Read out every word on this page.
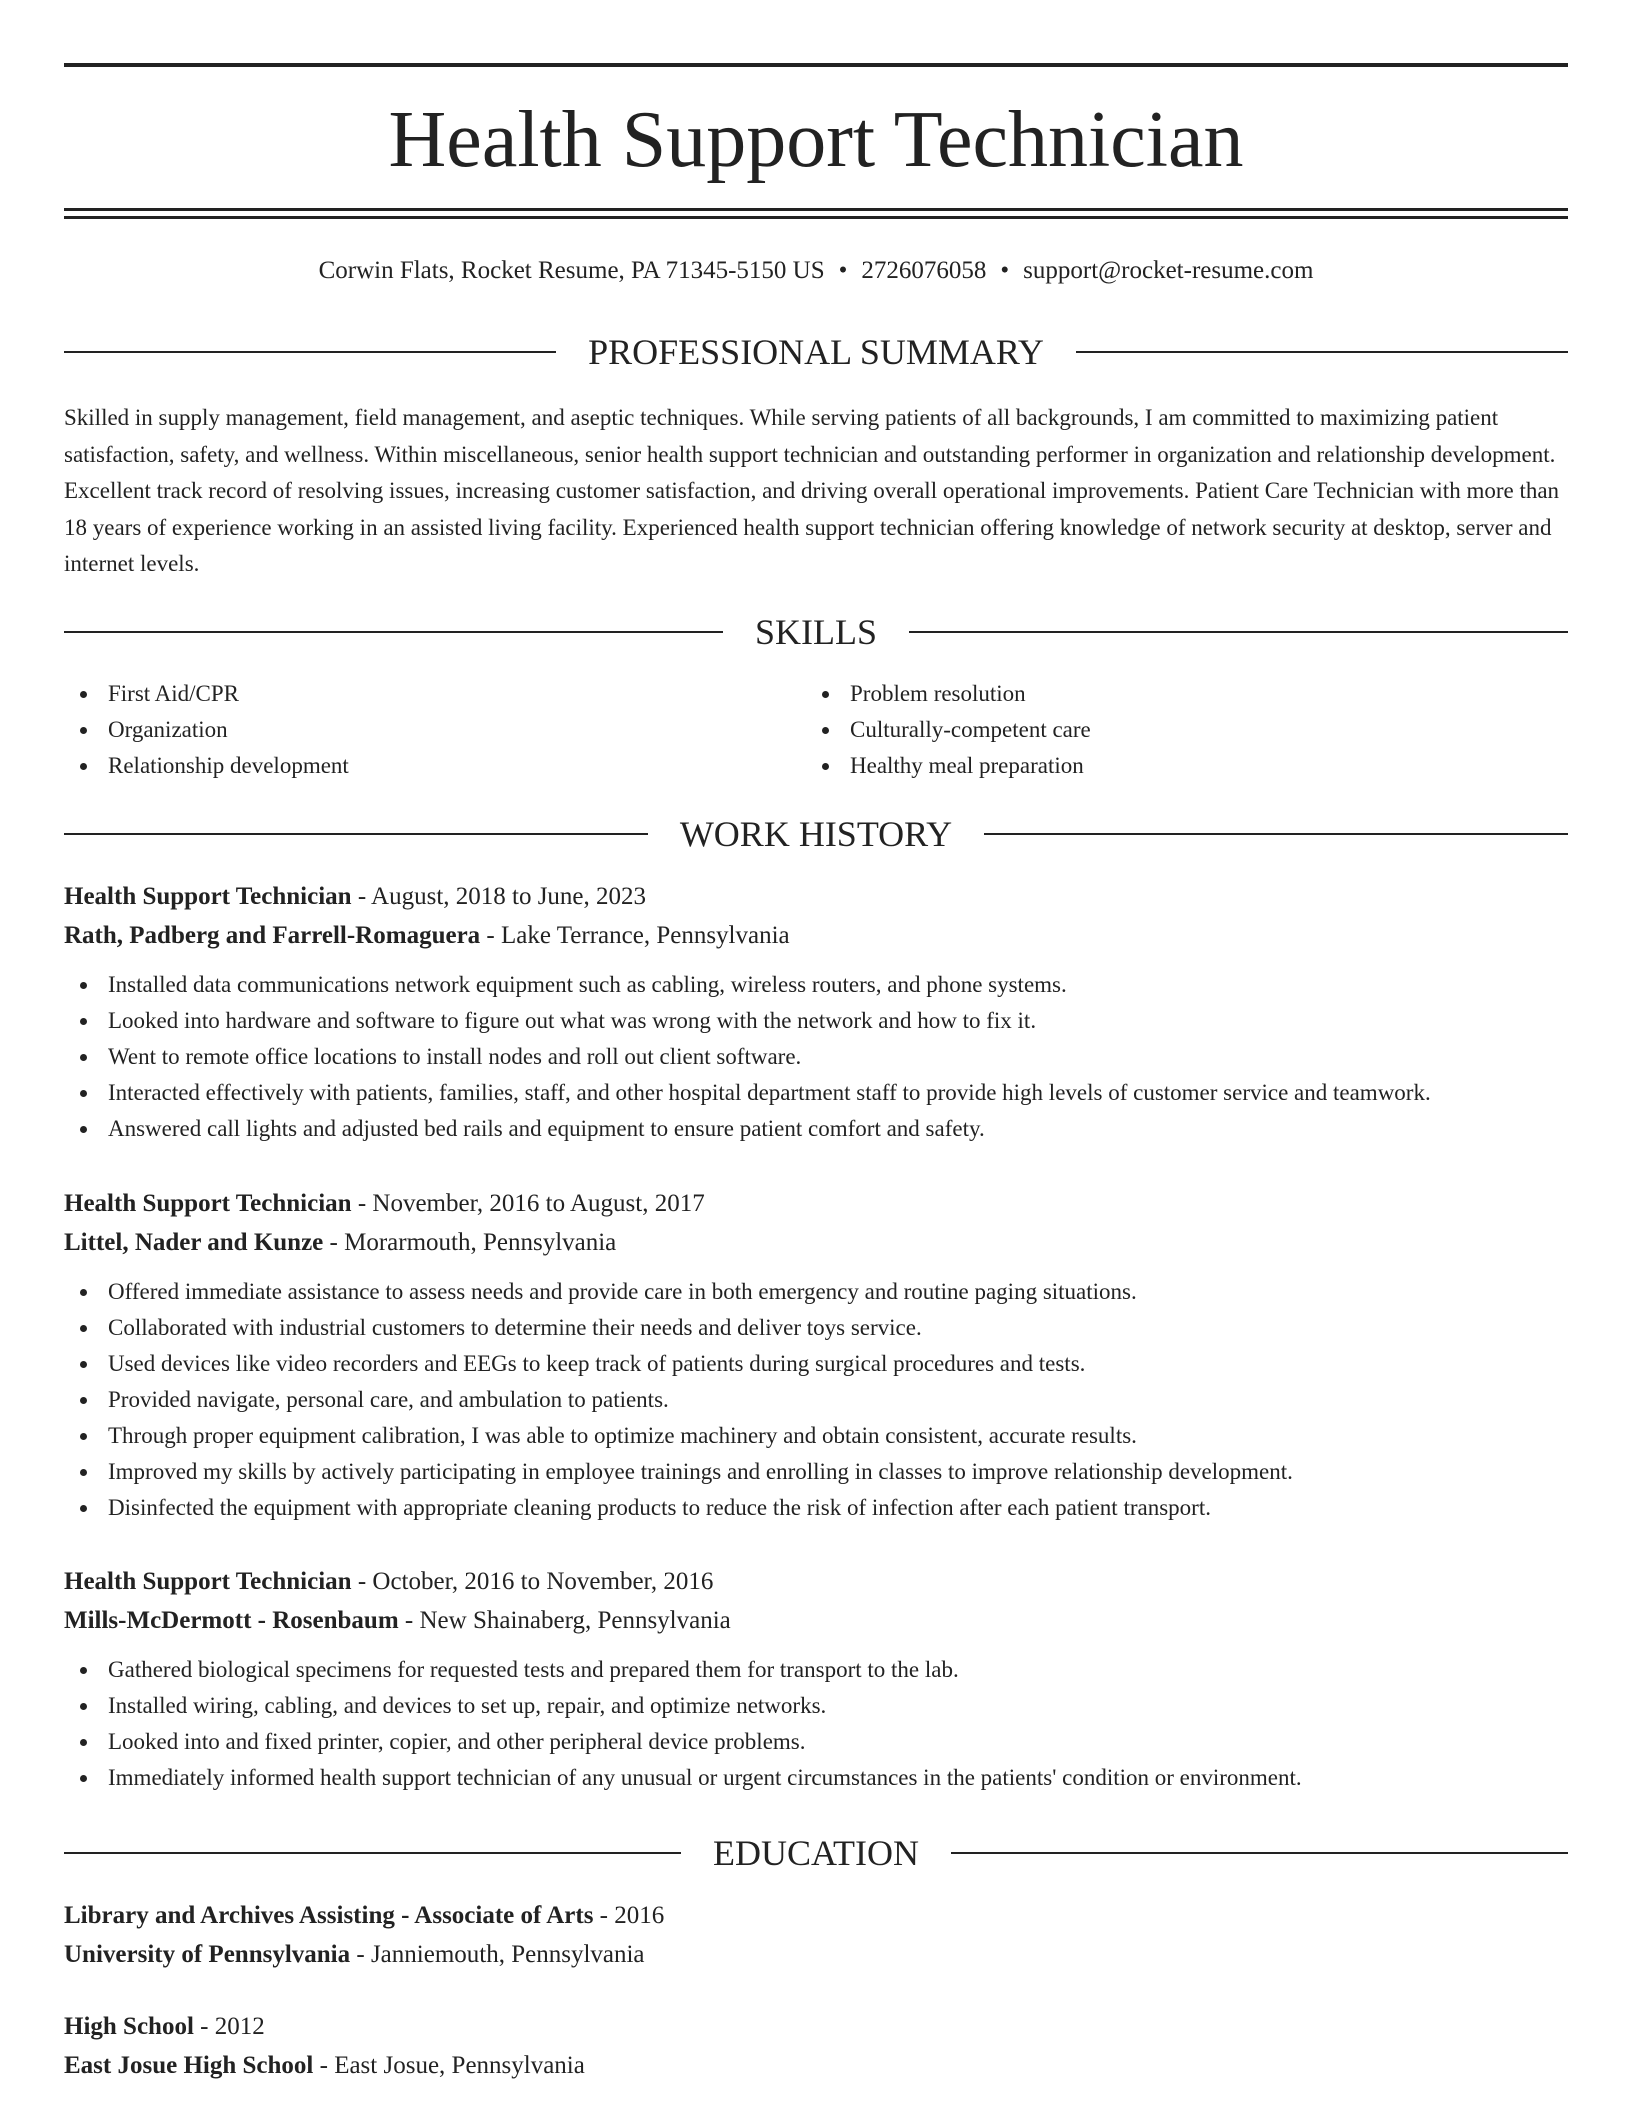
Health Support Technician
Corwin Flats, Rocket Resume, PA 71345-5150 US • 2726076058 • support@rocket-resume.com
PROFESSIONAL SUMMARY

Skilled in supply management, field management, and aseptic techniques. While serving patients of all backgrounds, I am committed to maximizing patient satisfaction, safety, and wellness. Within miscellaneous, senior health support technician and outstanding performer in organization and relationship development. Excellent track record of resolving issues, increasing customer satisfaction, and driving overall operational improvements. Patient Care Technician with more than 18 years of experience working in an assisted living facility. Experienced health support technician offering knowledge of network security at desktop, server and internet levels.

SKILLS
First Aid/CPR
Organization
Relationship development
Problem resolution
Culturally-competent care
Healthy meal preparation
WORK HISTORY

Health Support Technician - August, 2018 to June, 2023

Rath, Padberg and Farrell-Romaguera - Lake Terrance, Pennsylvania

Installed data communications network equipment such as cabling, wireless routers, and phone systems.
Looked into hardware and software to figure out what was wrong with the network and how to fix it.
Went to remote office locations to install nodes and roll out client software.
Interacted effectively with patients, families, staff, and other hospital department staff to provide high levels of customer service and teamwork.
Answered call lights and adjusted bed rails and equipment to ensure patient comfort and safety.

Health Support Technician - November, 2016 to August, 2017

Littel, Nader and Kunze - Morarmouth, Pennsylvania

Offered immediate assistance to assess needs and provide care in both emergency and routine paging situations.
Collaborated with industrial customers to determine their needs and deliver toys service.
Used devices like video recorders and EEGs to keep track of patients during surgical procedures and tests.
Provided navigate, personal care, and ambulation to patients.
Through proper equipment calibration, I was able to optimize machinery and obtain consistent, accurate results.
Improved my skills by actively participating in employee trainings and enrolling in classes to improve relationship development.
Disinfected the equipment with appropriate cleaning products to reduce the risk of infection after each patient transport.

Health Support Technician - October, 2016 to November, 2016

Mills-McDermott - Rosenbaum - New Shainaberg, Pennsylvania

Gathered biological specimens for requested tests and prepared them for transport to the lab.
Installed wiring, cabling, and devices to set up, repair, and optimize networks.
Looked into and fixed printer, copier, and other peripheral device problems.
Immediately informed health support technician of any unusual or urgent circumstances in the patients' condition or environment.
EDUCATION

Library and Archives Assisting - Associate of Arts - 2016

University of Pennsylvania - Janniemouth, Pennsylvania

High School - 2012

East Josue High School - East Josue, Pennsylvania
